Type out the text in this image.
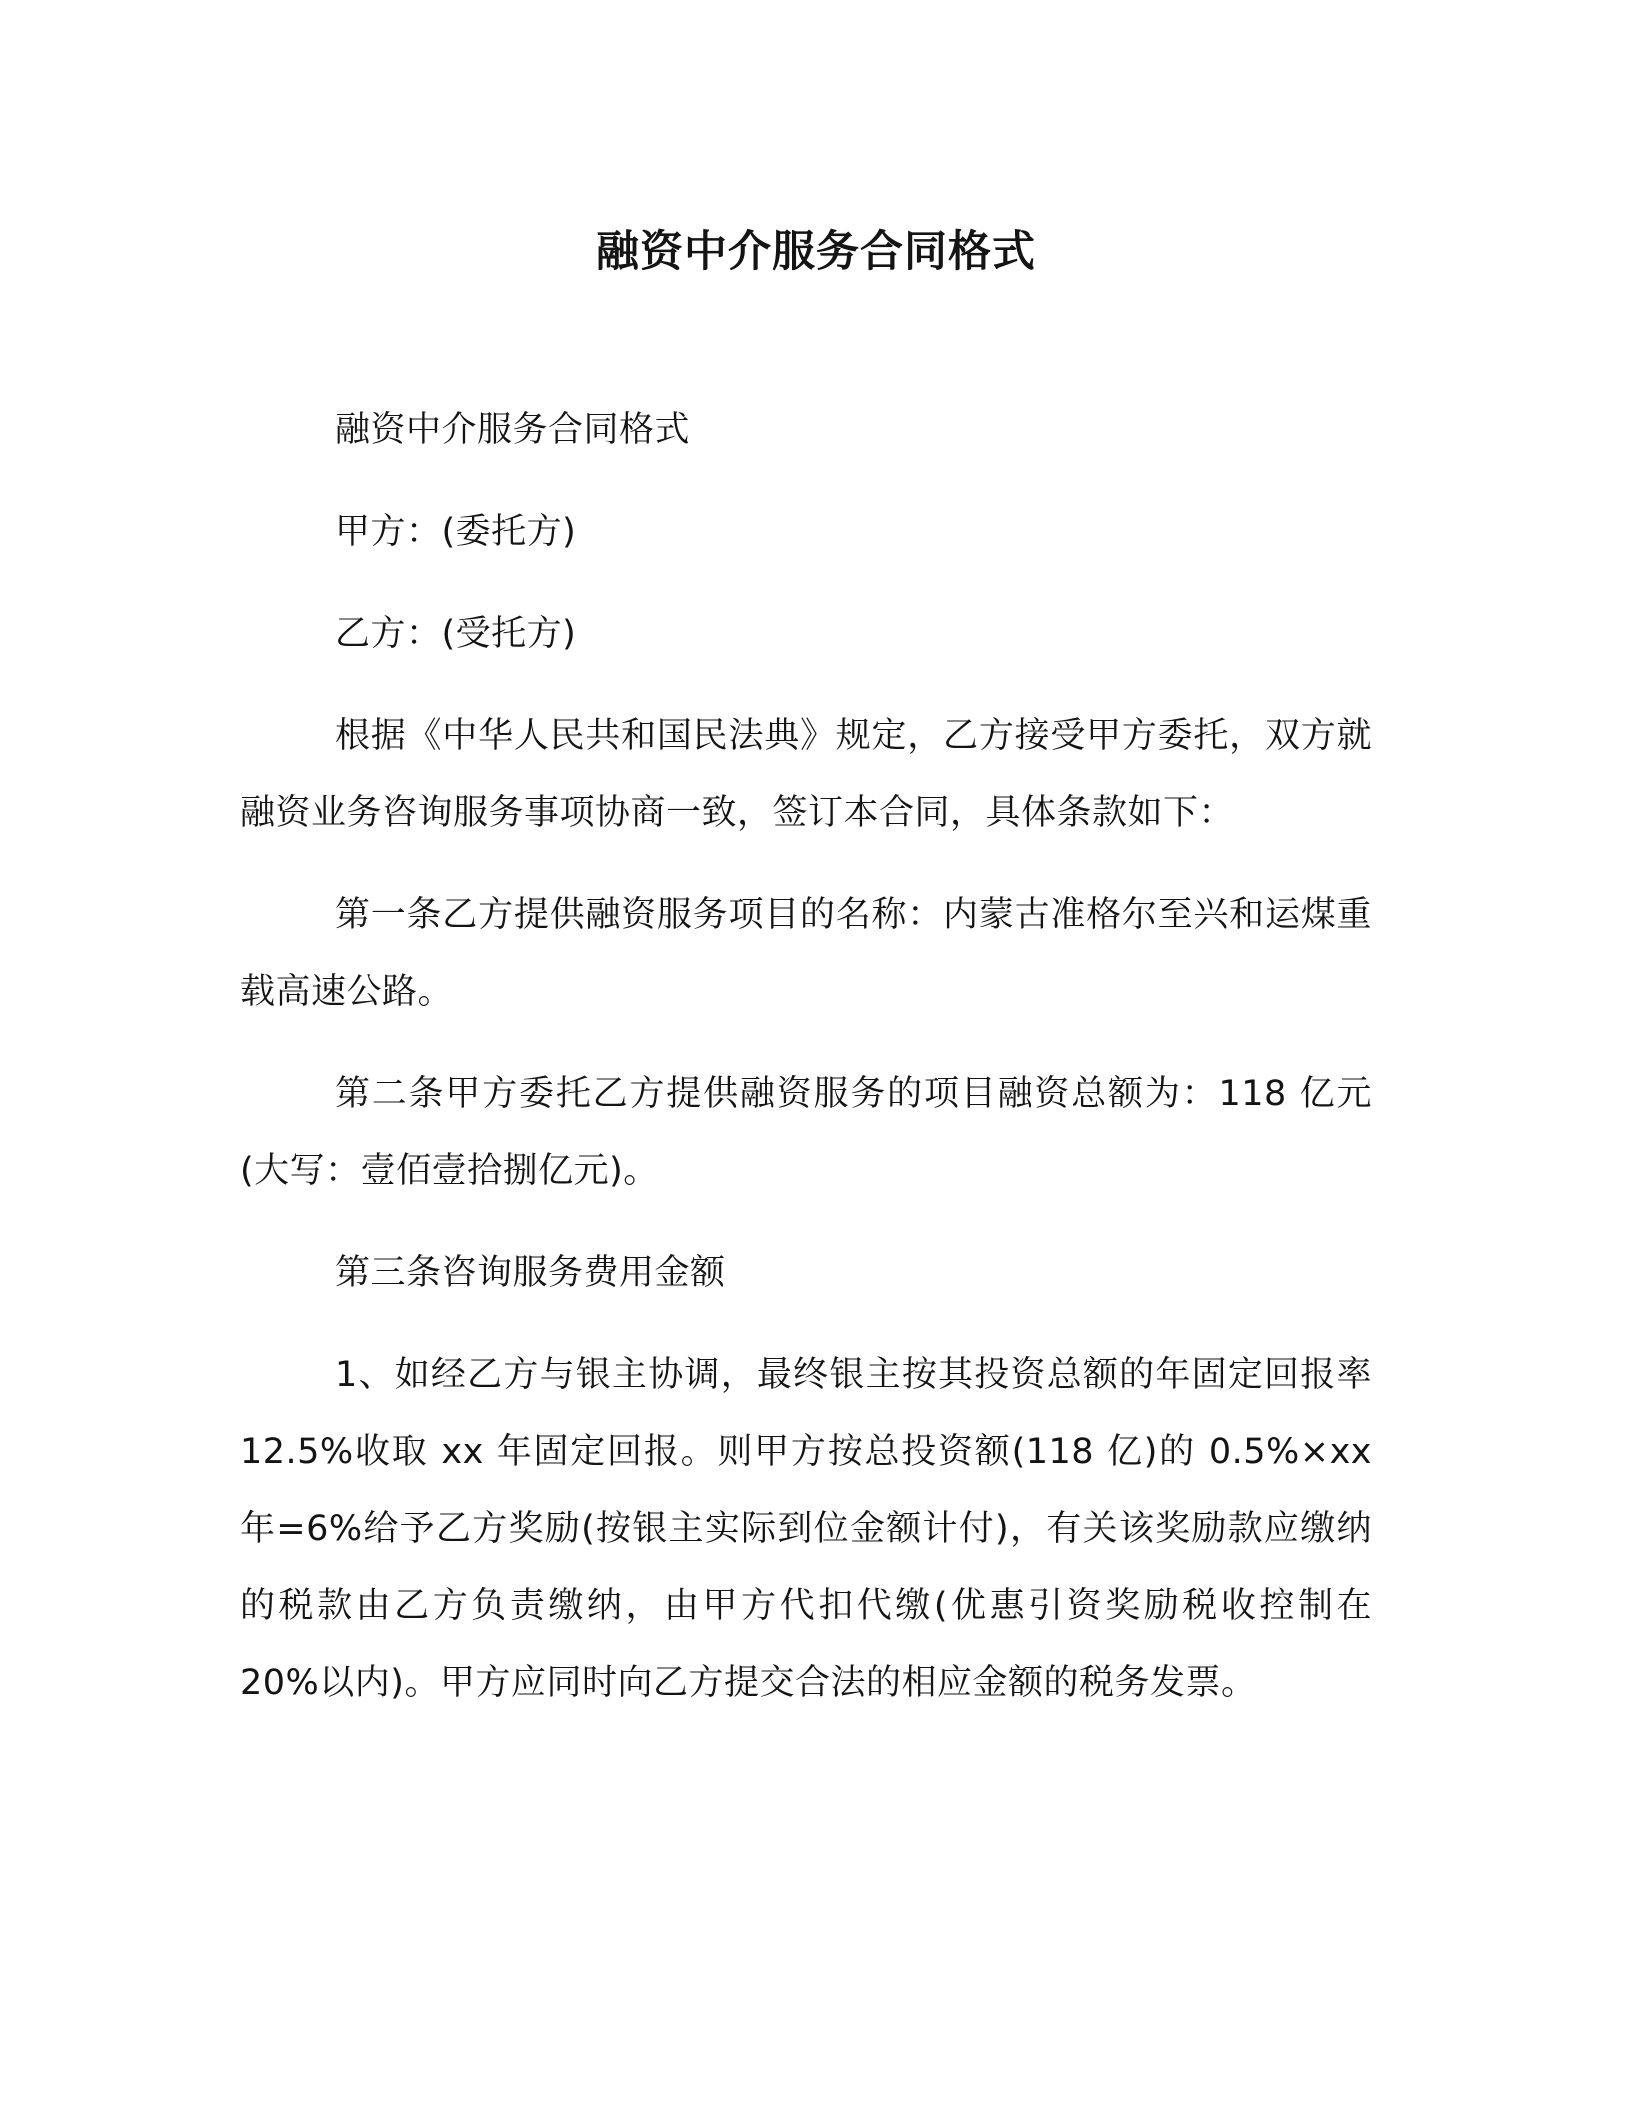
融资中介服务合同格式

融资中介服务合同格式

甲方：(委托方)

乙方：(受托方)

根据《中华人民共和国民法典》规定，乙方接受甲方委托，双方就融资业务咨询服务事项协商一致，签订本合同，具体条款如下：

第一条乙方提供融资服务项目的名称：内蒙古准格尔至兴和运煤重载高速公路。

第二条甲方委托乙方提供融资服务的项目融资总额为：118 亿元(大写：壹佰壹拾捌亿元)。

第三条咨询服务费用金额

1、如经乙方与银主协调，最终银主按其投资总额的年固定回报率 12.5%收取 xx 年固定回报。则甲方按总投资额(118 亿)的 0.5%×xx 年=6%给予乙方奖励(按银主实际到位金额计付)，有关该奖励款应缴纳的税款由乙方负责缴纳，由甲方代扣代缴(优惠引资奖励税收控制在 20%以内)。甲方应同时向乙方提交合法的相应金额的税务发票。
